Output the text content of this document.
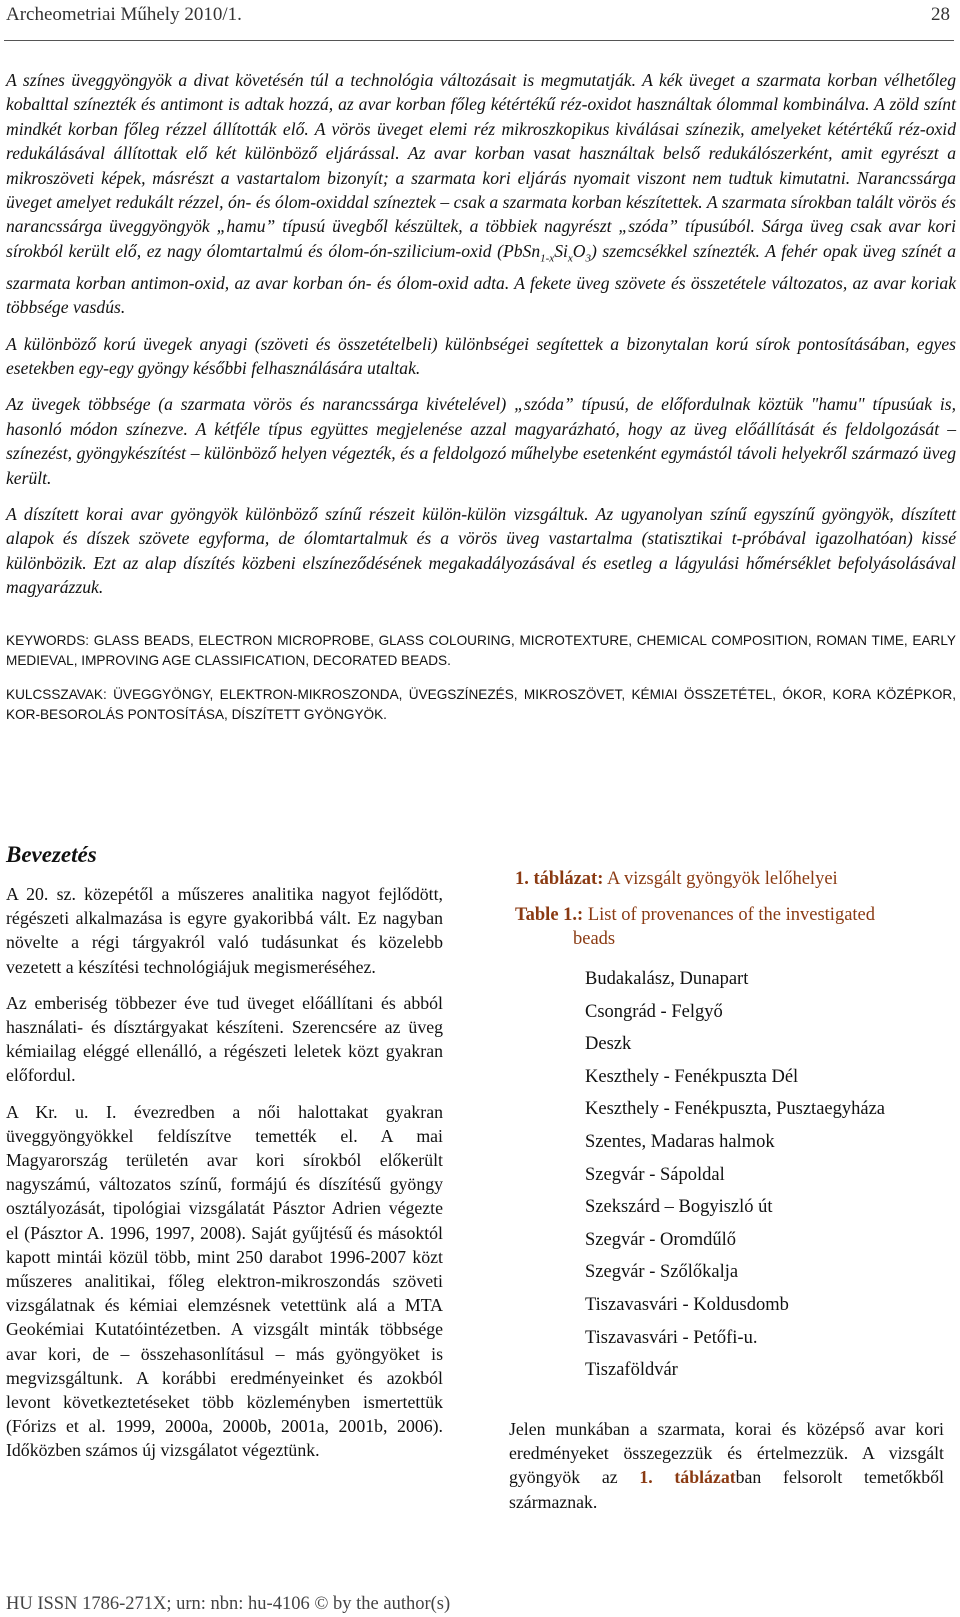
Archeometriai Műhely 2010/1.	28

A színes üveggyöngyök a divat követésén túl a technológia változásait is megmutatják. A kék üveget a szarmata korban vélhetőleg kobalttal színezték és antimont is adtak hozzá, az avar korban főleg kétértékű réz-oxidot használtak ólommal kombinálva. A zöld színt mindkét korban főleg rézzel állították elő. A vörös üveget elemi réz mikroszkopikus kiválásai színezik, amelyeket kétértékű réz-oxid redukálásával állítottak elő két különböző eljárással. Az avar korban vasat használtak belső redukálószerként, amit egyrészt a mikroszöveti képek, másrészt a vastartalom bizonyít; a szarmata kori eljárás nyomait viszont nem tudtuk kimutatni. Narancssárga üveget amelyet redukált rézzel, ón- és ólom-oxiddal színeztek – csak a szarmata korban készítettek. A szarmata sírokban talált vörös és narancssárga üveggyöngyök „hamu” típusú üvegből készültek, a többiek nagyrészt „szóda” típusúból. Sárga üveg csak avar kori sírokból került elő, ez nagy ólomtartalmú és ólom-ón-szilicium-oxid $(PbSn_{1-x}Si_xO_3)$ szemcsékkel színezték. A fehér opak üveg színét a szarmata korban antimon-oxid, az avar korban ón- és ólom-oxid adta. A fekete üveg szövete és összetétele változatos, az avar koriak többsége vasdús.

A különböző korú üvegek anyagi (szöveti és összetételbeli) különbségei segítettek a bizonytalan korú sírok pontosításában, egyes esetekben egy-egy gyöngy későbbi felhasználására utaltak.

Az üvegek többsége (a szarmata vörös és narancssárga kivételével) „szóda” típusú, de előfordulnak köztük "hamu" típusúak is, hasonló módon színezve. A kétféle típus együttes megjelenése azzal magyarázható, hogy az üveg előállítását és feldolgozását – színezést, gyöngykészítést – különböző helyen végezték, és a feldolgozó műhelybe esetenként egymástól távoli helyekről származó üveg került.

A díszített korai avar gyöngyök különböző színű részeit külön-külön vizsgáltuk. Az ugyanolyan színű egyszínű gyöngyök, díszített alapok és díszek szövete egyforma, de ólomtartalmuk és a vörös üveg vastartalma (statisztikai t-próbával igazolhatóan) kissé különbözik. Ezt az alap díszítés közbeni elszíneződésének megakadályozásával és esetleg a lágyulási hőmérséklet befolyásolásával magyarázzuk.

KEYWORDS: GLASS BEADS, ELECTRON MICROPROBE, GLASS COLOURING, MICROTEXTURE, CHEMICAL COMPOSITION, ROMAN TIME, EARLY MEDIEVAL, IMPROVING AGE CLASSIFICATION, DECORATED BEADS.

KULCSSZAVAK: ÜVEGGYÖNGY, ELEKTRON-MIKROSZONDA, ÜVEGSZÍNEZÉS, MIKROSZÖVET, KÉMIAI ÖSSZETÉTEL, ÓKOR, KORA KÖZÉPKOR, KOR-BESOROLÁS PONTOSÍTÁSA, DÍSZÍTETT GYÖNGYÖK.

Bevezetés

A 20. sz. közepétől a műszeres analitika nagyot fejlődött, régészeti alkalmazása is egyre gyakoribbá vált. Ez nagyban növelte a régi tárgyakról való tudásunkat és közelebb vezetett a készítési technológiájuk megismeréséhez.

Az emberiség többezer éve tud üveget előállítani és abból használati- és dísztárgyakat készíteni. Szerencsére az üveg kémiailag eléggé ellenálló, a régészeti leletek közt gyakran előfordul.

A Kr. u. I. évezredben a női halottakat gyakran üveggyöngyökkel feldíszítve temették el. A mai Magyarország területén avar kori sírokból előkerült nagyszámú, változatos színű, formájú és díszítésű gyöngy osztályozását, tipológiai vizsgálatát Pásztor Adrien végezte el (Pásztor A. 1996, 1997, 2008). Saját gyűjtésű és másoktól kapott mintái közül több, mint 250 darabot 1996-2007 közt műszeres analitikai, főleg elektron-mikroszondás szöveti vizsgálatnak és kémiai elemzésnek vetettünk alá a MTA Geokémiai Kutatóintézetben. A vizsgált minták többsége avar kori, de – összehasonlításul – más gyöngyöket is megvizsgáltunk. A korábbi eredményeinket és azokból levont következtetéseket több közleményben ismertettük (Fórizs et al. 1999, 2000a, 2000b, 2001a, 2001b, 2006). Időközben számos új vizsgálatot végeztünk.

1. táblázat: A vizsgált gyöngyök lelőhelyei

Table 1.: List of provenances of the investigated
beads

Budakalász, Dunapart
Csongrád - Felgyő
Deszk
Keszthely - Fenékpuszta Dél
Keszthely - Fenékpuszta, Pusztaegyháza
Szentes, Madaras halmok
Szegvár - Sápoldal
Szekszárd – Bogyiszló út
Szegvár - Oromdűlő
Szegvár - Szőlőkalja
Tiszavasvári - Koldusdomb
Tiszavasvári - Petőfi-u.
Tiszaföldvár

Jelen munkában a szarmata, korai és középső avar kori eredményeket összegezzük és értelmezzük. A vizsgált gyöngyök az 1. táblázatban felsorolt temetőkből származnak.

HU ISSN 1786-271X; urn: nbn: hu-4106 © by the author(s)
